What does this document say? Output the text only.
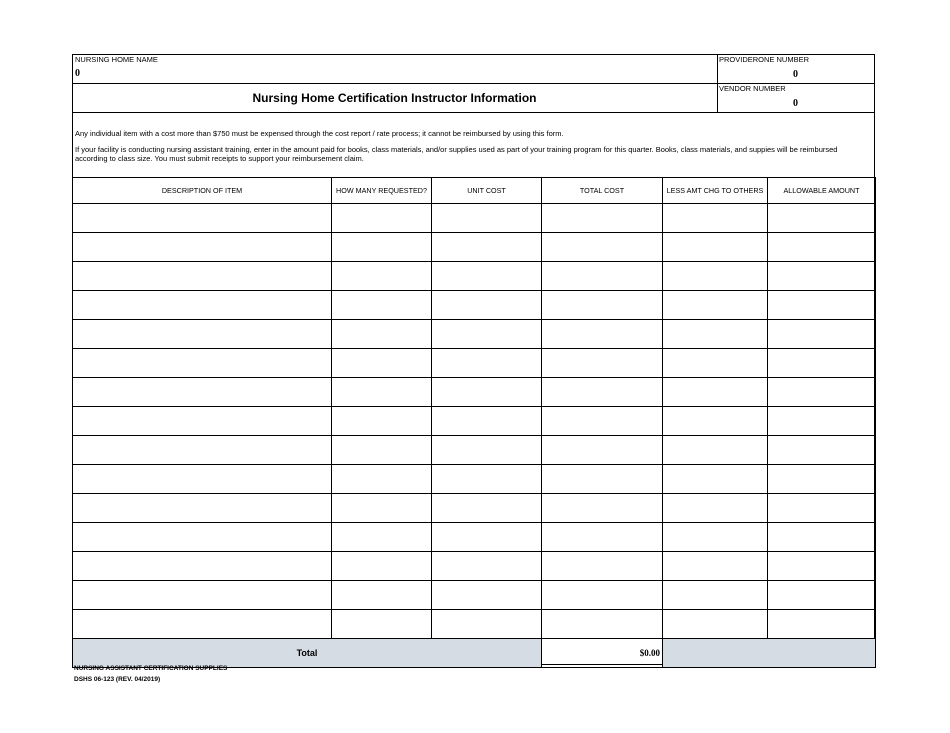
NURSING HOME NAME
0
PROVIDERONE NUMBER
0
VENDOR NUMBER
0
Nursing Home Certification Instructor Information
Any individual item with a cost more than $750 must be expensed through the cost report / rate process; it cannot be reimbursed by using this form.
If your facility is conducting nursing assistant training, enter in the amount paid for books, class materials, and/or supplies used as part of your training program for this quarter. Books, class materials, and suppies will be reimbursed according to class size. You must submit receipts to support your reimbursement claim.
DESCRIPTION OF ITEM	HOW MANY REQUESTED?	UNIT COST	TOTAL COST	LESS AMT CHG TO OTHERS	ALLOWABLE AMOUNT

Total			$0.00		
NURSING ASSISTANT CERTIFICATION SUPPLIES
DSHS 06-123 (REV. 04/2019)
